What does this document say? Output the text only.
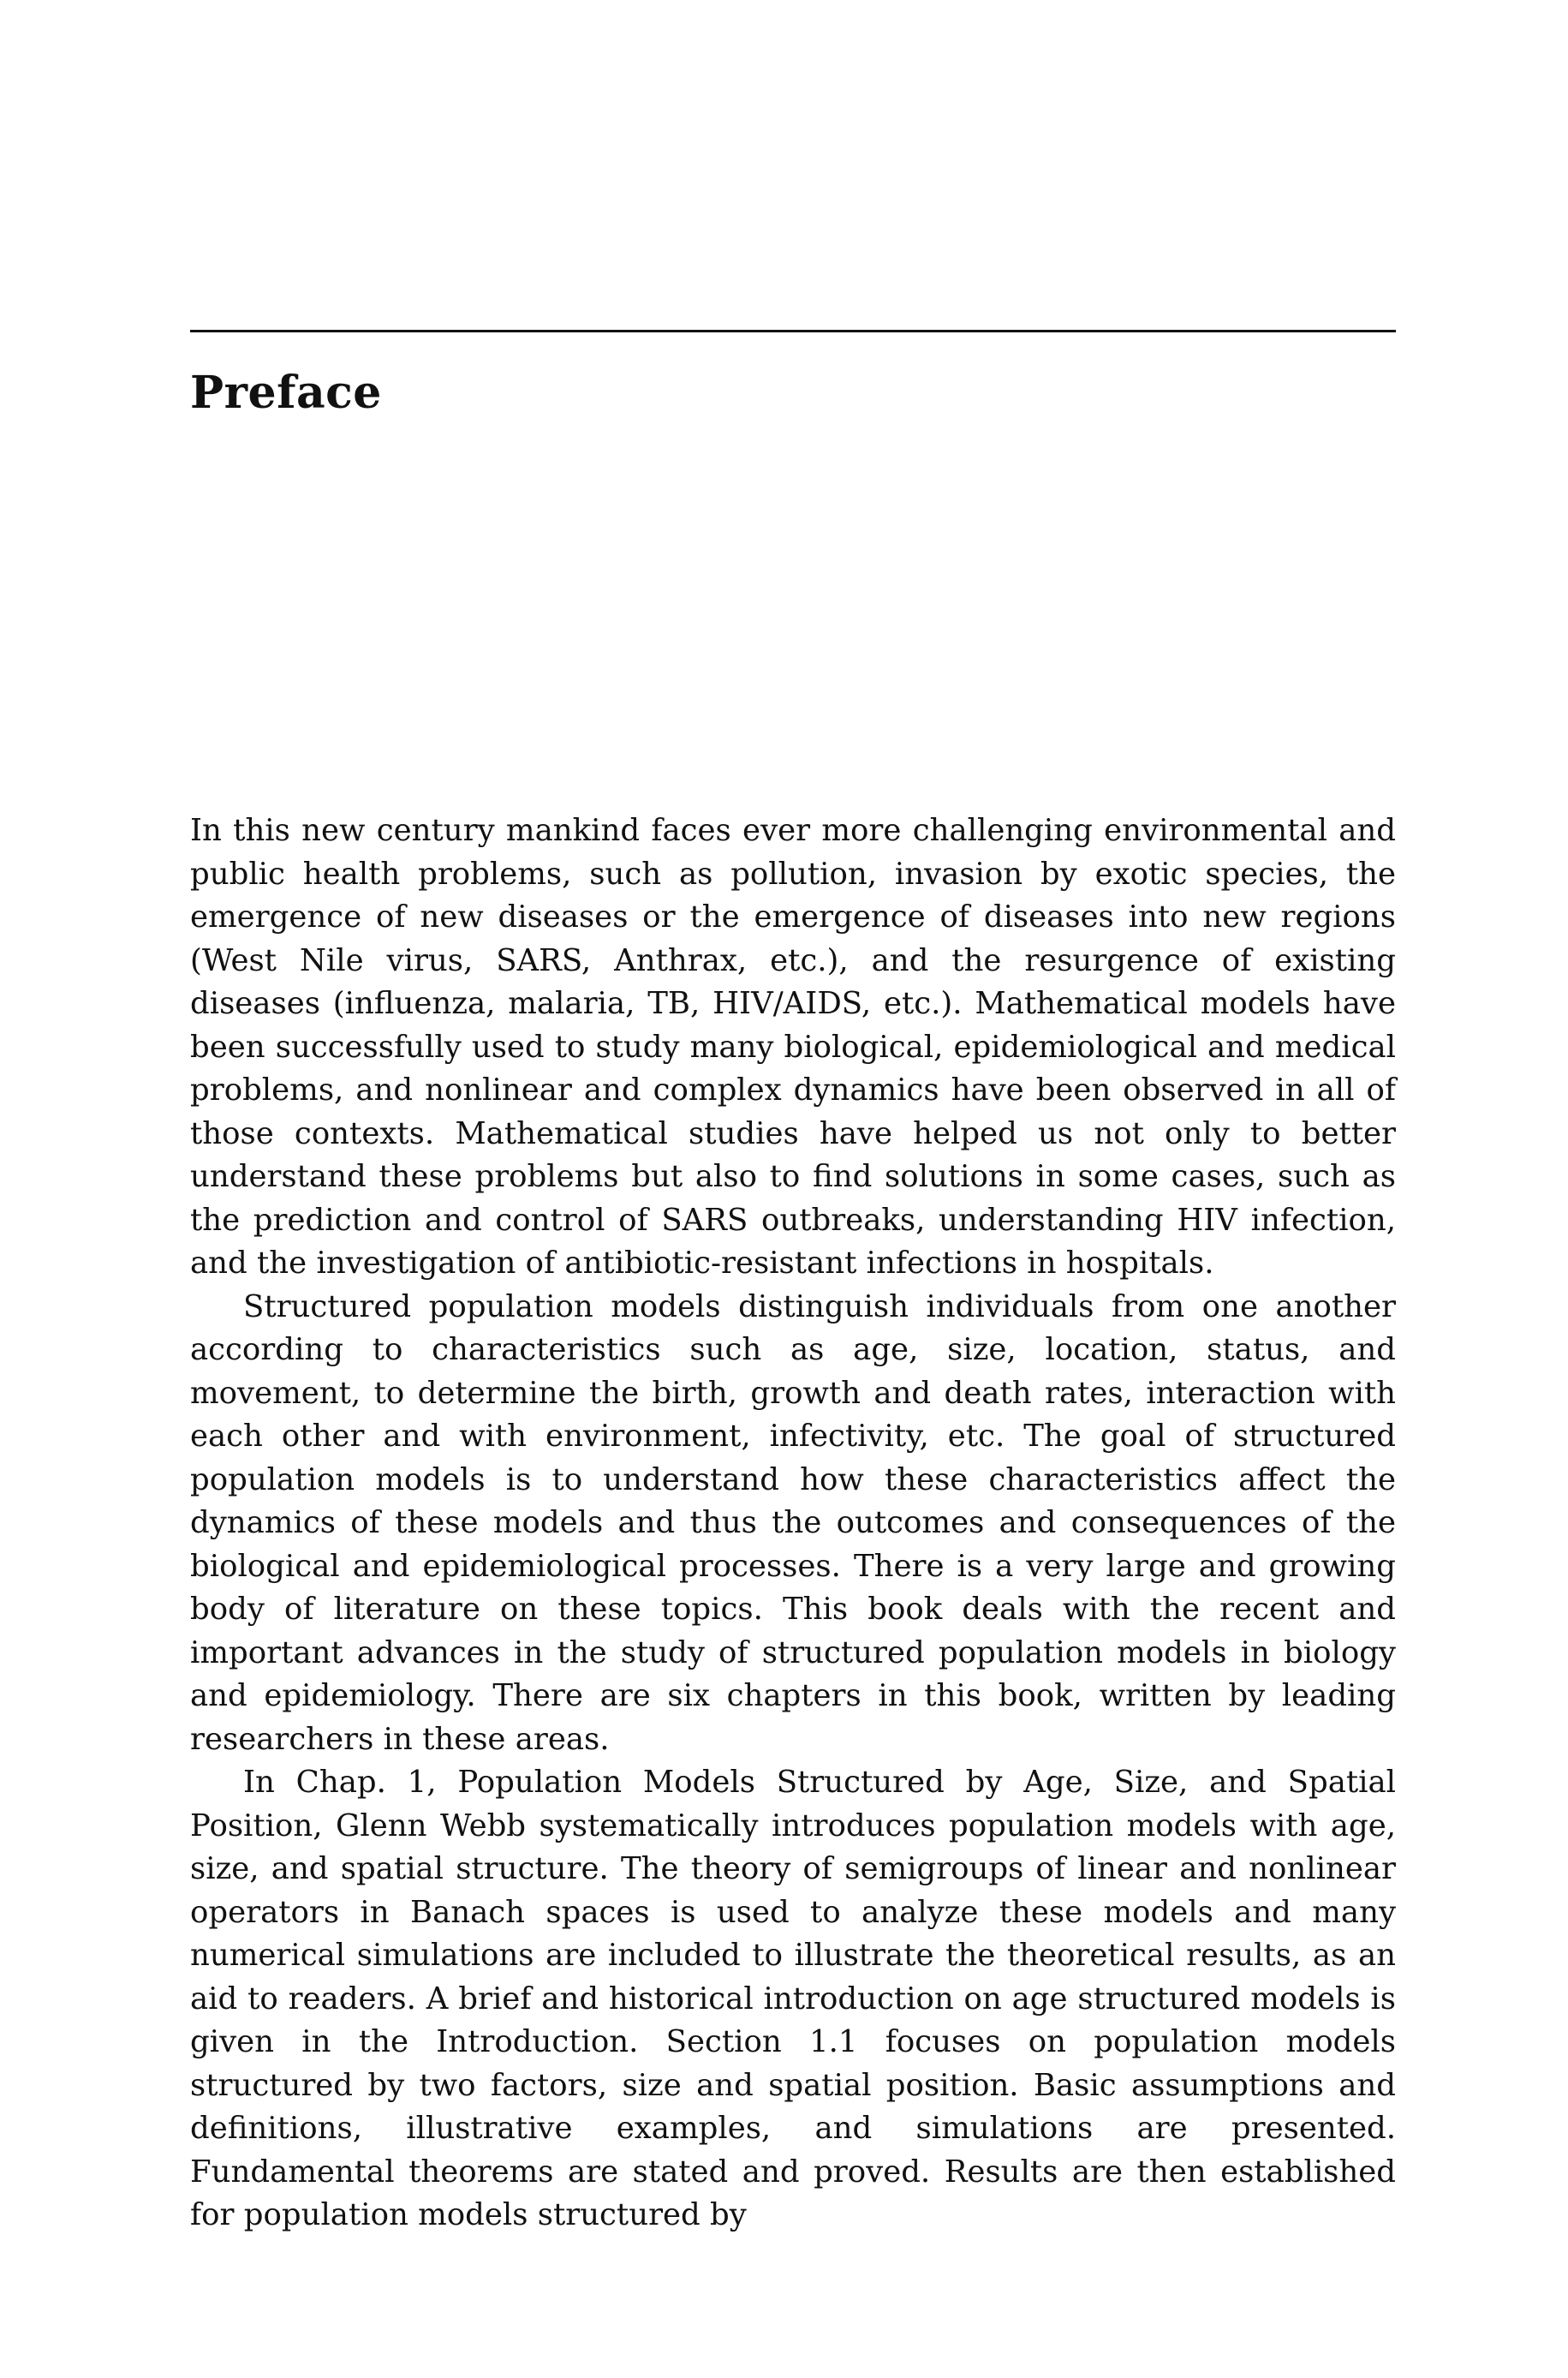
Preface

In this new century mankind faces ever more challenging environmental and public health problems, such as pollution, invasion by exotic species, the emergence of new diseases or the emergence of diseases into new regions (West Nile virus, SARS, Anthrax, etc.), and the resurgence of existing diseases (influenza, malaria, TB, HIV/AIDS, etc.). Mathematical models have been successfully used to study many biological, epidemiological and medical problems, and nonlinear and complex dynamics have been observed in all of those contexts. Mathematical studies have helped us not only to better understand these problems but also to find solutions in some cases, such as the prediction and control of SARS outbreaks, understanding HIV infection, and the investigation of antibiotic-resistant infections in hospitals.

Structured population models distinguish individuals from one another according to characteristics such as age, size, location, status, and movement, to determine the birth, growth and death rates, interaction with each other and with environment, infectivity, etc. The goal of structured population models is to understand how these characteristics affect the dynamics of these models and thus the outcomes and consequences of the biological and epidemiological processes. There is a very large and growing body of literature on these topics. This book deals with the recent and important advances in the study of structured population models in biology and epidemiology. There are six chapters in this book, written by leading researchers in these areas.

In Chap. 1, Population Models Structured by Age, Size, and Spatial Position, Glenn Webb systematically introduces population models with age, size, and spatial structure. The theory of semigroups of linear and nonlinear operators in Banach spaces is used to analyze these models and many numerical simulations are included to illustrate the theoretical results, as an aid to readers. A brief and historical introduction on age structured models is given in the Introduction. Section 1.1 focuses on population models structured by two factors, size and spatial position. Basic assumptions and definitions, illustrative examples, and simulations are presented. Fundamental theorems are stated and proved. Results are then established for population models structured by
